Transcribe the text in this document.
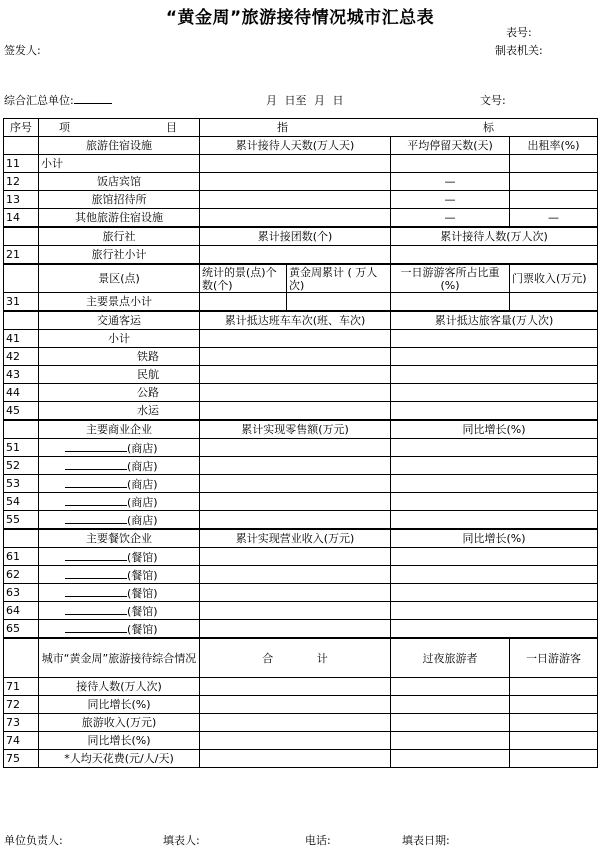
“黄金周”旅游接待情况城市汇总表
表号:
签发人:	制表机关:
综合汇总单位:	月 日至 月 日	文号:
序号	项 目	指 标			
	旅游住宿设施	累计接待人天数(万人天)		平均停留天数(天)	出租率(%)
11	小计				
12	饭店宾馆			—	
13	旅馆招待所			—	
14	其他旅游住宿设施			—	—
	旅行社	累计接团数(个)		累计接待人数(万人次)	
21	旅行社小计				
	景区(点)	统计的景(点)个数(个)	黄金周累计 ( 万人次)	一日游游客所占比重(%)	门票收入(万元)
31	主要景点小计				
	交通客运	累计抵达班车车次(班、车次)		累计抵达旅客量(万人次)	
41	小计				
42	铁路				
43	民航				
44	公路				
45	水运				
	主要商业企业	累计实现零售额(万元)		同比增长(%)	
51	(商店)				
52	(商店)				
53	(商店)				
54	(商店)				
55	(商店)				
	主要餐饮企业	累计实现营业收入(万元)		同比增长(%)	
61	(餐馆)				
62	(餐馆)				
63	(餐馆)				
64	(餐馆)				
65	(餐馆)				
	城市“黄金周”旅游接待综合情况	合 计		过夜旅游者	一日游游客
71	接待人数(万人次)				
72	同比增长(%)				
73	旅游收入(万元)				
74	同比增长(%)				
75	*人均天花费(元/人/天)				
单位负责人:	填表人:	电话:	填表日期:
